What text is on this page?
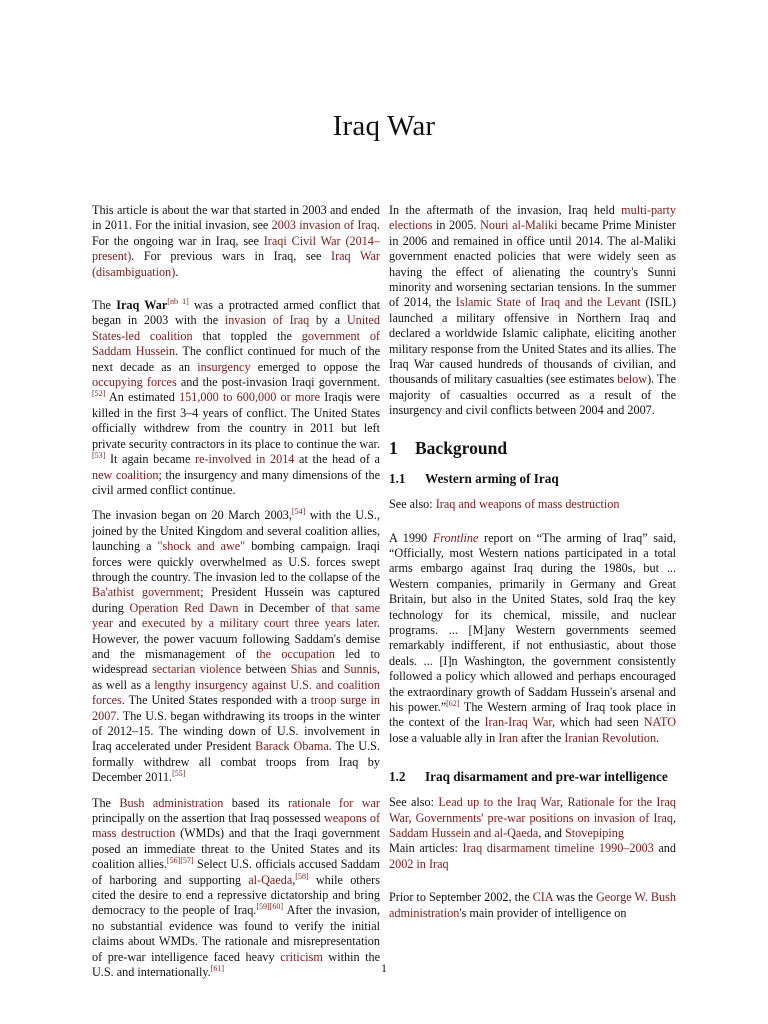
Iraq War

This article is about the war that started in 2003 and ended in 2011. For the initial invasion, see 2003 invasion of Iraq. For the ongoing war in Iraq, see Iraqi Civil War (2014–present). For previous wars in Iraq, see Iraq War (disambiguation).

The Iraq War[nb 1] was a protracted armed conflict that began in 2003 with the invasion of Iraq by a United States-led coalition that toppled the government of Saddam Hussein. The conflict continued for much of the next decade as an insurgency emerged to oppose the occupying forces and the post-invasion Iraqi government.[52] An estimated 151,000 to 600,000 or more Iraqis were killed in the first 3–4 years of conflict. The United States officially withdrew from the country in 2011 but left private security contractors in its place to continue the war.[53] It again became re-involved in 2014 at the head of a new coalition; the insurgency and many dimensions of the civil armed conflict continue.

The invasion began on 20 March 2003,[54] with the U.S., joined by the United Kingdom and several coalition allies, launching a "shock and awe" bombing campaign. Iraqi forces were quickly overwhelmed as U.S. forces swept through the country. The invasion led to the collapse of the Ba'athist government; President Hussein was captured during Operation Red Dawn in December of that same year and executed by a military court three years later. However, the power vacuum following Saddam's demise and the mismanagement of the occupation led to widespread sectarian violence between Shias and Sunnis, as well as a lengthy insurgency against U.S. and coalition forces. The United States responded with a troop surge in 2007. The U.S. began withdrawing its troops in the winter of 2012–15. The winding down of U.S. involvement in Iraq accelerated under President Barack Obama. The U.S. formally withdrew all combat troops from Iraq by December 2011.[55]

The Bush administration based its rationale for war principally on the assertion that Iraq possessed weapons of mass destruction (WMDs) and that the Iraqi government posed an immediate threat to the United States and its coalition allies.[56][57] Select U.S. officials accused Saddam of harboring and supporting al-Qaeda,[58] while others cited the desire to end a repressive dictatorship and bring democracy to the people of Iraq.[59][60] After the invasion, no substantial evidence was found to verify the initial claims about WMDs. The rationale and misrepresentation of pre-war intelligence faced heavy criticism within the U.S. and internationally.[61]

In the aftermath of the invasion, Iraq held multi-party elections in 2005. Nouri al-Maliki became Prime Minister in 2006 and remained in office until 2014. The al-Maliki government enacted policies that were widely seen as having the effect of alienating the country's Sunni minority and worsening sectarian tensions. In the summer of 2014, the Islamic State of Iraq and the Levant (ISIL) launched a military offensive in Northern Iraq and declared a worldwide Islamic caliphate, eliciting another military response from the United States and its allies. The Iraq War caused hundreds of thousands of civilian, and thousands of military casualties (see estimates below). The majority of casualties occurred as a result of the insurgency and civil conflicts between 2004 and 2007.

1 Background
1.1 Western arming of Iraq

See also: Iraq and weapons of mass destruction

A 1990 Frontline report on “The arming of Iraq” said, “Officially, most Western nations participated in a total arms embargo against Iraq during the 1980s, but ... Western companies, primarily in Germany and Great Britain, but also in the United States, sold Iraq the key technology for its chemical, missile, and nuclear programs. ... [M]any Western governments seemed remarkably indifferent, if not enthusiastic, about those deals. ... [I]n Washington, the government consistently followed a policy which allowed and perhaps encouraged the extraordinary growth of Saddam Hussein's arsenal and his power.”[62] The Western arming of Iraq took place in the context of the Iran-Iraq War, which had seen NATO lose a valuable ally in Iran after the Iranian Revolution.

1.2 Iraq disarmament and pre-war intelligence

See also: Lead up to the Iraq War, Rationale for the Iraq War, Governments' pre-war positions on invasion of Iraq, Saddam Hussein and al-Qaeda, and Stovepiping

Main articles: Iraq disarmament timeline 1990–2003 and 2002 in Iraq

Prior to September 2002, the CIA was the George W. Bush administration's main provider of intelligence on

1
